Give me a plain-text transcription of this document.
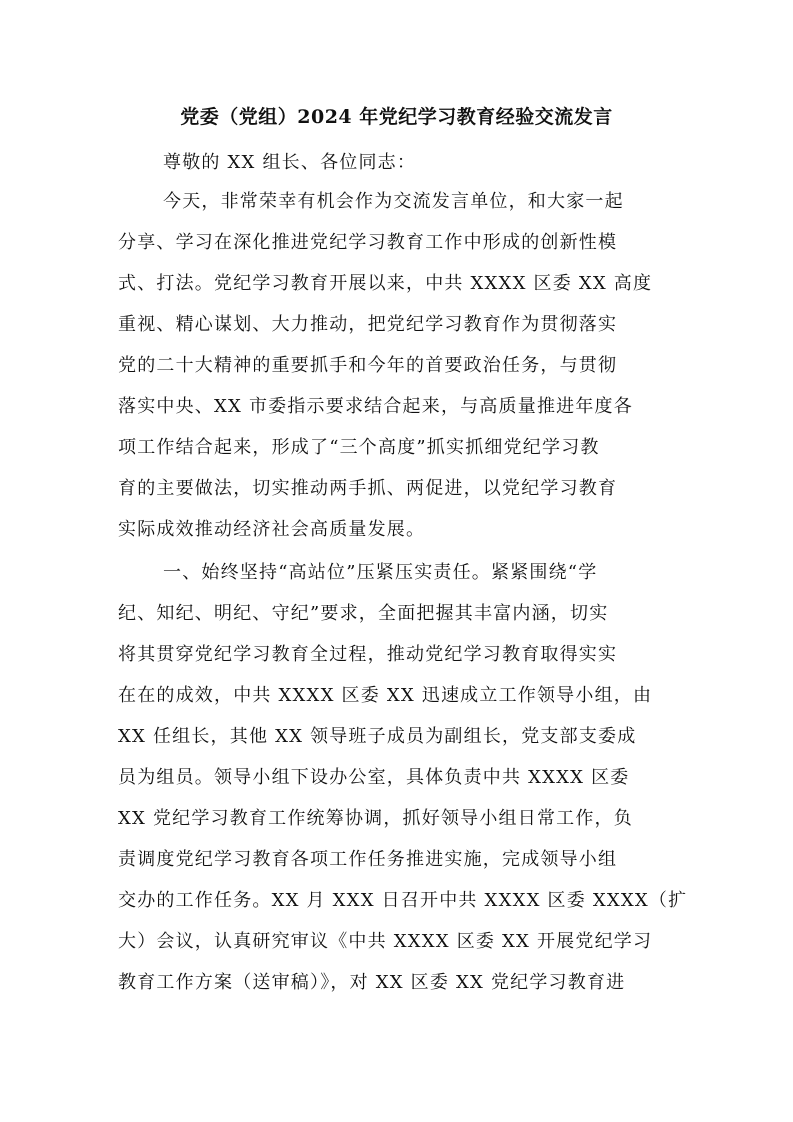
党委（党组）2024 年党纪学习教育经验交流发言
尊敬的 XX 组长、各位同志：
今天，非常荣幸有机会作为交流发言单位，和大家一起
分享、学习在深化推进党纪学习教育工作中形成的创新性模
式、打法。党纪学习教育开展以来，中共 XXXX 区委 XX 高度
重视、精心谋划、大力推动，把党纪学习教育作为贯彻落实
党的二十大精神的重要抓手和今年的首要政治任务，与贯彻
落实中央、XX 市委指示要求结合起来，与高质量推进年度各
项工作结合起来，形成了“三个高度”抓实抓细党纪学习教
育的主要做法，切实推动两手抓、两促进，以党纪学习教育
实际成效推动经济社会高质量发展。
一、始终坚持“高站位”压紧压实责任。紧紧围绕“学
纪、知纪、明纪、守纪”要求，全面把握其丰富内涵，切实
将其贯穿党纪学习教育全过程，推动党纪学习教育取得实实
在在的成效，中共 XXXX 区委 XX 迅速成立工作领导小组，由
XX 任组长，其他 XX 领导班子成员为副组长，党支部支委成
员为组员。领导小组下设办公室，具体负责中共 XXXX 区委
XX 党纪学习教育工作统筹协调，抓好领导小组日常工作，负
责调度党纪学习教育各项工作任务推进实施，完成领导小组
交办的工作任务。XX 月 XXX 日召开中共 XXXX 区委 XXXX（扩
大）会议，认真研究审议《中共 XXXX 区委 XX 开展党纪学习
教育工作方案（送审稿）》，对 XX 区委 XX 党纪学习教育进
